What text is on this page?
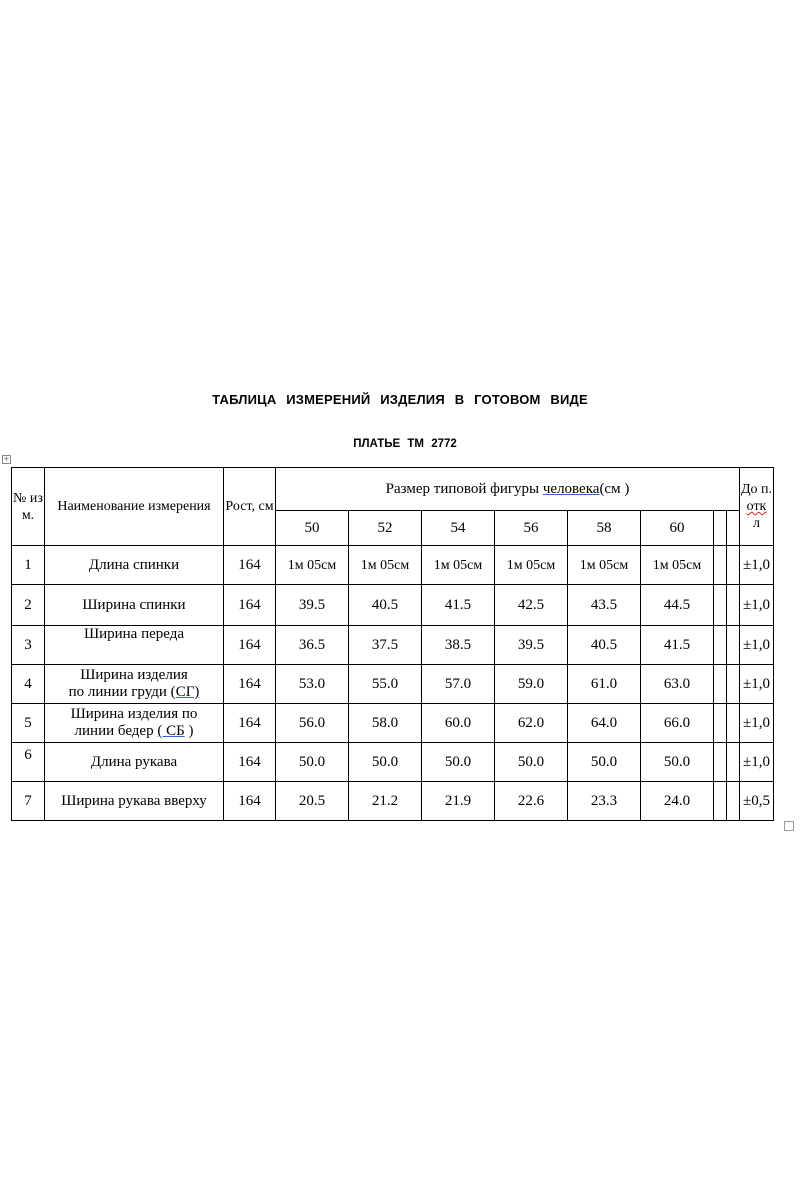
ТАБЛИЦА ИЗМЕРЕНИЙ ИЗДЕЛИЯ В ГОТОВОМ ВИДЕ
ПЛАТЬЕ ТМ 2772
+
№ из м.	Наименование измерения	Рост, см	Размер типовой фигуры человека(см )								До п.
отк
л
			50	52	54	56	58	60			
1	Длина спинки	164	1м 05см	1м 05см	1м 05см	1м 05см	1м 05см	1м 05см			±1,0
2	Ширина спинки	164	39.5	40.5	41.5	42.5	43.5	44.5			±1,0
3	Ширина переда	164	36.5	37.5	38.5	39.5	40.5	41.5			±1,0
4	Ширина изделия
по линии груди (СГ)	164	53.0	55.0	57.0	59.0	61.0	63.0			±1,0
5	Ширина изделия по
линии бедер ( СБ )	164	56.0	58.0	60.0	62.0	64.0	66.0			±1,0
6	Длина рукава	164	50.0	50.0	50.0	50.0	50.0	50.0			±1,0
7	Ширина рукава вверху	164	20.5	21.2	21.9	22.6	23.3	24.0			±0,5
